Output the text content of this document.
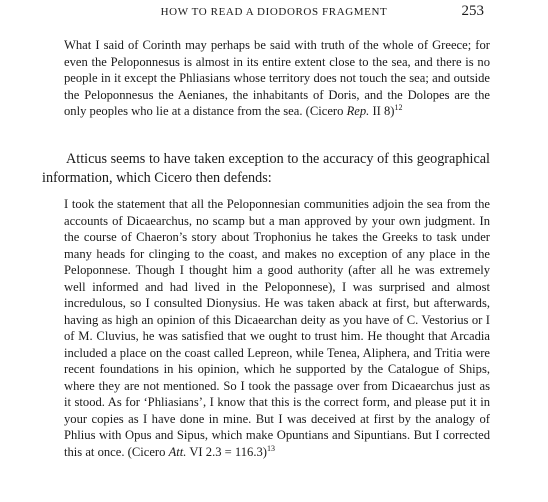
HOW TO READ A DIODOROS FRAGMENT	253
What I said of Corinth may perhaps be said with truth of the whole of Greece; for even the Peloponnesus is almost in its entire extent close to the sea, and there is no people in it except the Phliasians whose territory does not touch the sea; and outside the Peloponnesus the Aenianes, the inhabitants of Doris, and the Dolopes are the only peoples who lie at a distance from the sea. (Cicero Rep. II 8)$^{12}$
Atticus seems to have taken exception to the accuracy of this geographical information, which Cicero then defends:
I took the statement that all the Peloponnesian communities adjoin the sea from the accounts of Dicaearchus, no scamp but a man approved by your own judgment. In the course of Chaeron’s story about Trophonius he takes the Greeks to task under many heads for clinging to the coast, and makes no exception of any place in the Peloponnese. Though I thought him a good authority (after all he was extremely well informed and had lived in the Peloponnese), I was surprised and almost incredulous, so I consulted Dionysius. He was taken aback at first, but afterwards, having as high an opinion of this Dicaearchan deity as you have of C. Vestorius or I of M. Cluvius, he was satisfied that we ought to trust him. He thought that Arcadia included a place on the coast called Lepreon, while Tenea, Aliphera, and Tritia were recent foundations in his opinion, which he supported by the Catalogue of Ships, where they are not mentioned. So I took the passage over from Dicaearchus just as it stood. As for ‘Phliasians’, I know that this is the correct form, and please put it in your copies as I have done in mine. But I was deceived at first by the analogy of Phlius with Opus and Sipus, which make Opuntians and Sipuntians. But I corrected this at once. (Cicero Att. VI 2.3 = 116.3)$^{13}$
